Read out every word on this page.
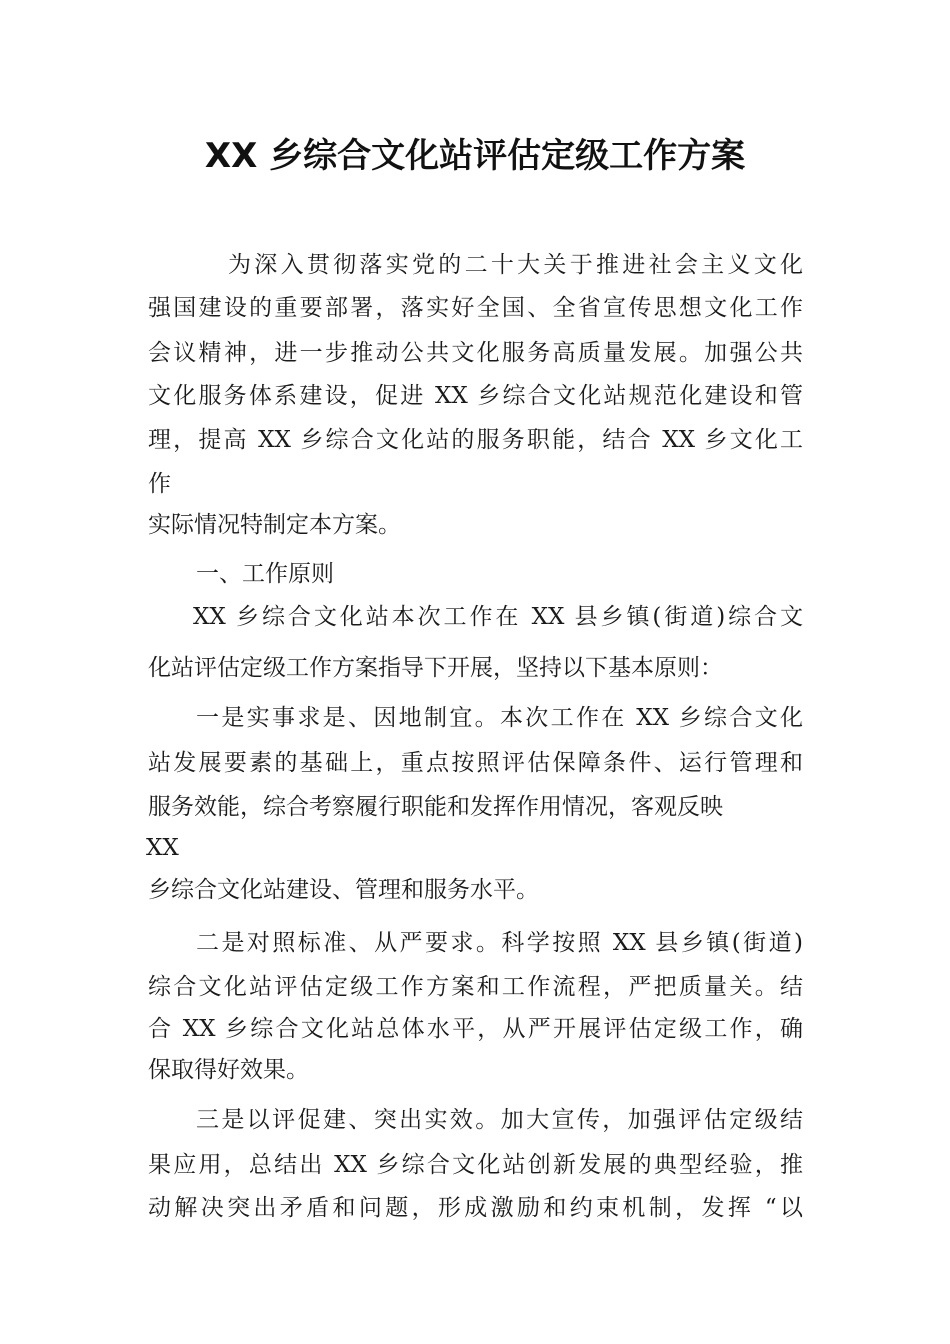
XX 乡综合文化站评估定级工作方案
为深入贯彻落实党的二十大关于推进社会主义文化
强国建设的重要部署，落实好全国、全省宣传思想文化工作
会议精神，进一步推动公共文化服务高质量发展。加强公共
文化服务体系建设，促进 XX 乡综合文化站规范化建设和管
理，提高 XX 乡综合文化站的服务职能，结合 XX 乡文化工
作
实际情况特制定本方案。
一、工作原则
XX 乡综合文化站本次工作在 XX 县乡镇(街道)综合文
化站评估定级工作方案指导下开展，坚持以下基本原则：
一是实事求是、因地制宜。本次工作在 XX 乡综合文化
站发展要素的基础上，重点按照评估保障条件、运行管理和
服务效能，综合考察履行职能和发挥作用情况，客观反映
XX
乡综合文化站建设、管理和服务水平。
二是对照标准、从严要求。科学按照 XX 县乡镇(街道)
综合文化站评估定级工作方案和工作流程，严把质量关。结
合 XX 乡综合文化站总体水平，从严开展评估定级工作，确
保取得好效果。
三是以评促建、突出实效。加大宣传，加强评估定级结
果应用，总结出 XX 乡综合文化站创新发展的典型经验，推
动解决突出矛盾和问题，形成激励和约束机制，发挥 “以
